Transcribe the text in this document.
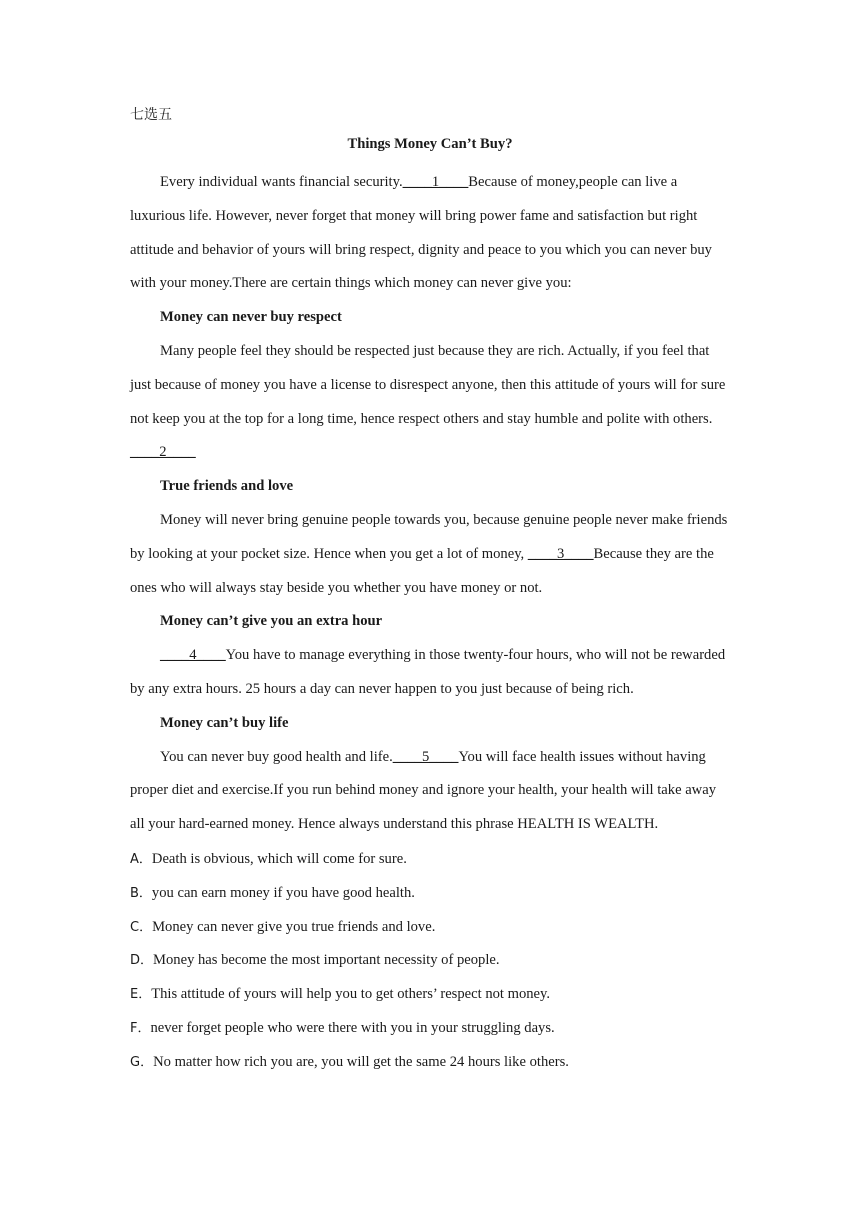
七选五
Things Money Can’t Buy?

Every individual wants financial security.____1____Because of money,people can live a luxurious life. However, never forget that money will bring power fame and satisfaction but right attitude and behavior of yours will bring respect, dignity and peace to you which you can never buy with your money.There are certain things which money can never give you:

Money can never buy respect

Many people feel they should be respected just because they are rich. Actually, if you feel that just because of money you have a license to disrespect anyone, then this attitude of yours will for sure not keep you at the top for a long time, hence respect others and stay humble and polite with others. ____2____

True friends and love

Money will never bring genuine people towards you, because genuine people never make friends by looking at your pocket size. Hence when you get a lot of money, ____3____Because they are the ones who will always stay beside you whether you have money or not.

Money can’t give you an extra hour

____4____You have to manage everything in those twenty-four hours, who will not be rewarded by any extra hours. 25 hours a day can never happen to you just because of being rich.

Money can’t buy life

You can never buy good health and life.____5____You will face health issues without having proper diet and exercise.If you run behind money and ignore your health, your health will take away all your hard-earned money. Hence always understand this phrase HEALTH IS WEALTH.

A．Death is obvious, which will come for sure.

B．you can earn money if you have good health.

C．Money can never give you true friends and love.

D．Money has become the most important necessity of people.

E．This attitude of yours will help you to get others’ respect not money.

F．never forget people who were there with you in your struggling days.

G．No matter how rich you are, you will get the same 24 hours like others.
